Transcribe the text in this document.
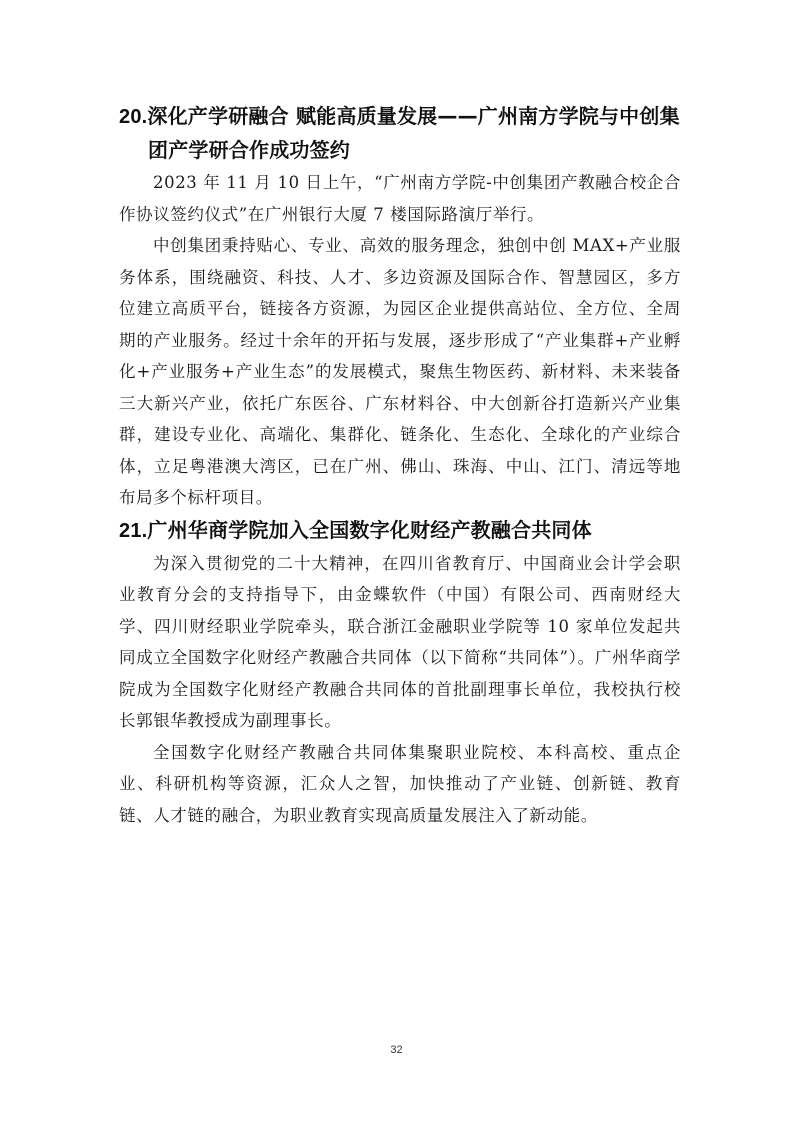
20.深化产学研融合 赋能高质量发展——广州南方学院与中创集团产学研合作成功签约

2023 年 11 月 10 日上午，“广州南方学院-中创集团产教融合校企合作协议签约仪式”在广州银行大厦 7 楼国际路演厅举行。

中创集团秉持贴心、专业、高效的服务理念，独创中创 MAX+产业服务体系，围绕融资、科技、人才、多边资源及国际合作、智慧园区，多方位建立高质平台，链接各方资源，为园区企业提供高站位、全方位、全周期的产业服务。经过十余年的开拓与发展，逐步形成了“产业集群+产业孵化+产业服务+产业生态”的发展模式，聚焦生物医药、新材料、未来装备三大新兴产业，依托广东医谷、广东材料谷、中大创新谷打造新兴产业集群，建设专业化、高端化、集群化、链条化、生态化、全球化的产业综合体，立足粤港澳大湾区，已在广州、佛山、珠海、中山、江门、清远等地布局多个标杆项目。

21.广州华商学院加入全国数字化财经产教融合共同体

为深入贯彻党的二十大精神，在四川省教育厅、中国商业会计学会职业教育分会的支持指导下，由金蝶软件（中国）有限公司、西南财经大学、四川财经职业学院牵头，联合浙江金融职业学院等 10 家单位发起共同成立全国数字化财经产教融合共同体（以下简称“共同体”）。广州华商学院成为全国数字化财经产教融合共同体的首批副理事长单位，我校执行校长郭银华教授成为副理事长。

全国数字化财经产教融合共同体集聚职业院校、本科高校、重点企业、科研机构等资源，汇众人之智，加快推动了产业链、创新链、教育链、人才链的融合，为职业教育实现高质量发展注入了新动能。

32
